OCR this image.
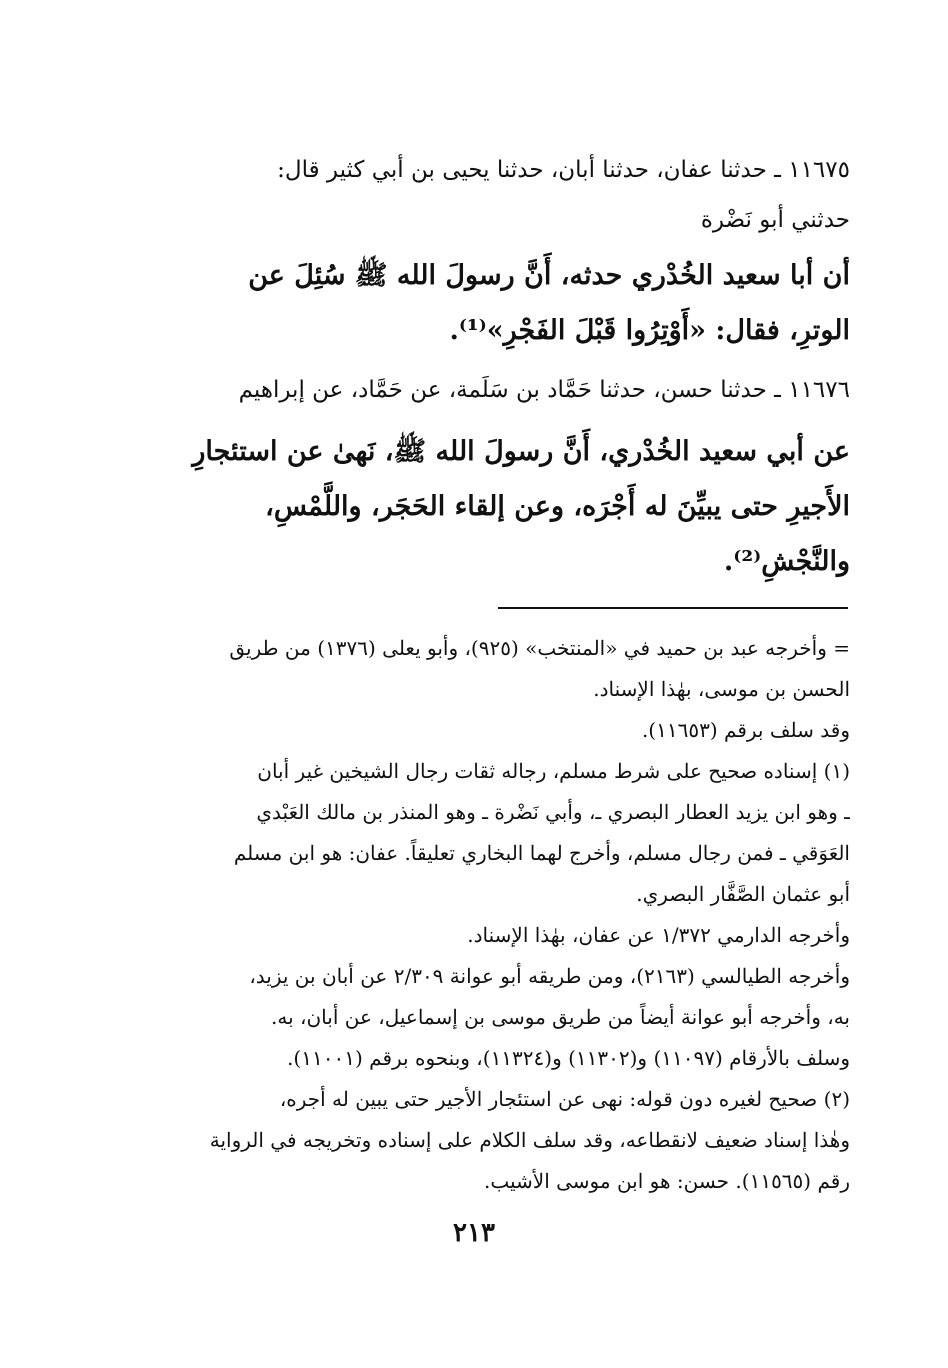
١١٦٧٥ ـ حدثنا عفان، حدثنا أبان، حدثنا يحيى بن أبي كثير قال:
حدثني أبو نَضْرة
أن أبا سعيد الخُدْري حدثه، أَنَّ رسولَ الله ﷺ سُئِلَ عن
الوترِ، فقال: «أَوْتِرُوا قَبْلَ الفَجْرِ»⁽¹⁾.
١١٦٧٦ ـ حدثنا حسن، حدثنا حَمَّاد بن سَلَمة، عن حَمَّاد، عن إبراهيم
عن أبي سعيد الخُدْري، أَنَّ رسولَ الله ﷺ، نَهىٰ عن استئجارِ
الأَجيرِ حتى يبيِّنَ له أَجْرَه، وعن إلقاء الحَجَر، واللَّمْسِ،
والنَّجْشِ⁽²⁾.
= وأخرجه عبد بن حميد في «المنتخب» (٩٢٥)، وأبو يعلى (١٣٧٦) من طريق
الحسن بن موسى، بهٰذا الإسناد.
وقد سلف برقم (١١٦٥٣).
(١) إسناده صحيح على شرط مسلم، رجاله ثقات رجال الشيخين غير أبان
ـ وهو ابن يزيد العطار البصري ـ، وأبي نَضْرة ـ وهو المنذر بن مالك العَبْدي
العَوَقي ـ فمن رجال مسلم، وأخرج لهما البخاري تعليقاً. عفان: هو ابن مسلم
أبو عثمان الصَّفَّار البصري.
وأخرجه الدارمي ١/٣٧٢ عن عفان، بهٰذا الإسناد.
وأخرجه الطيالسي (٢١٦٣)، ومن طريقه أبو عوانة ٢/٣٠٩ عن أبان بن يزيد،
به، وأخرجه أبو عوانة أيضاً من طريق موسى بن إسماعيل، عن أبان، به.
وسلف بالأرقام (١١٠٩٧) و(١١٣٠٢) و(١١٣٢٤)، وبنحوه برقم (١١٠٠١).
(٢) صحيح لغيره دون قوله: نهى عن استئجار الأجير حتى يبين له أجره،
وهٰذا إسناد ضعيف لانقطاعه، وقد سلف الكلام على إسناده وتخريجه في الرواية
رقم (١١٥٦٥). حسن: هو ابن موسى الأشيب.
٢١٣
